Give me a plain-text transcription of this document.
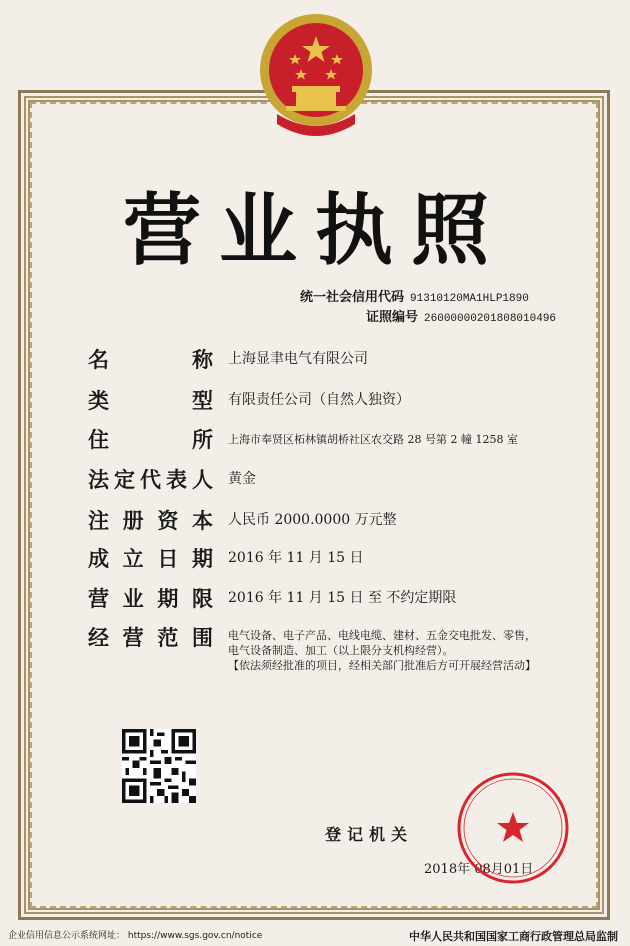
营业执照
统一社会信用代码 91310120MA1HLP1890
证照编号 26000000201808010496
名	称 上海显聿电气有限公司
类	型 有限责任公司（自然人独资）
住	所 上海市奉贤区柘林镇胡桥社区农交路 28 号第 2 幢 1258 室
法 定 代 表 人 黄金
注 册 资 本 人民币 2000.0000 万元整
成 立 日 期 2016 年 11 月 15 日
营 业 期 限 2016 年 11 月 15 日 至 不约定期限
经 营 范 围 电气设备、电子产品、电线电缆、建材、五金交电批发、零售，
电气设备制造、加工（以上限分支机构经营）。
【依法须经批准的项目，经相关部门批准后方可开展经营活动】
登记机关
2018年 08月01日
企业信用信息公示系统网址： https://www.sgs.gov.cn/notice	中华人民共和国国家工商行政管理总局监制
